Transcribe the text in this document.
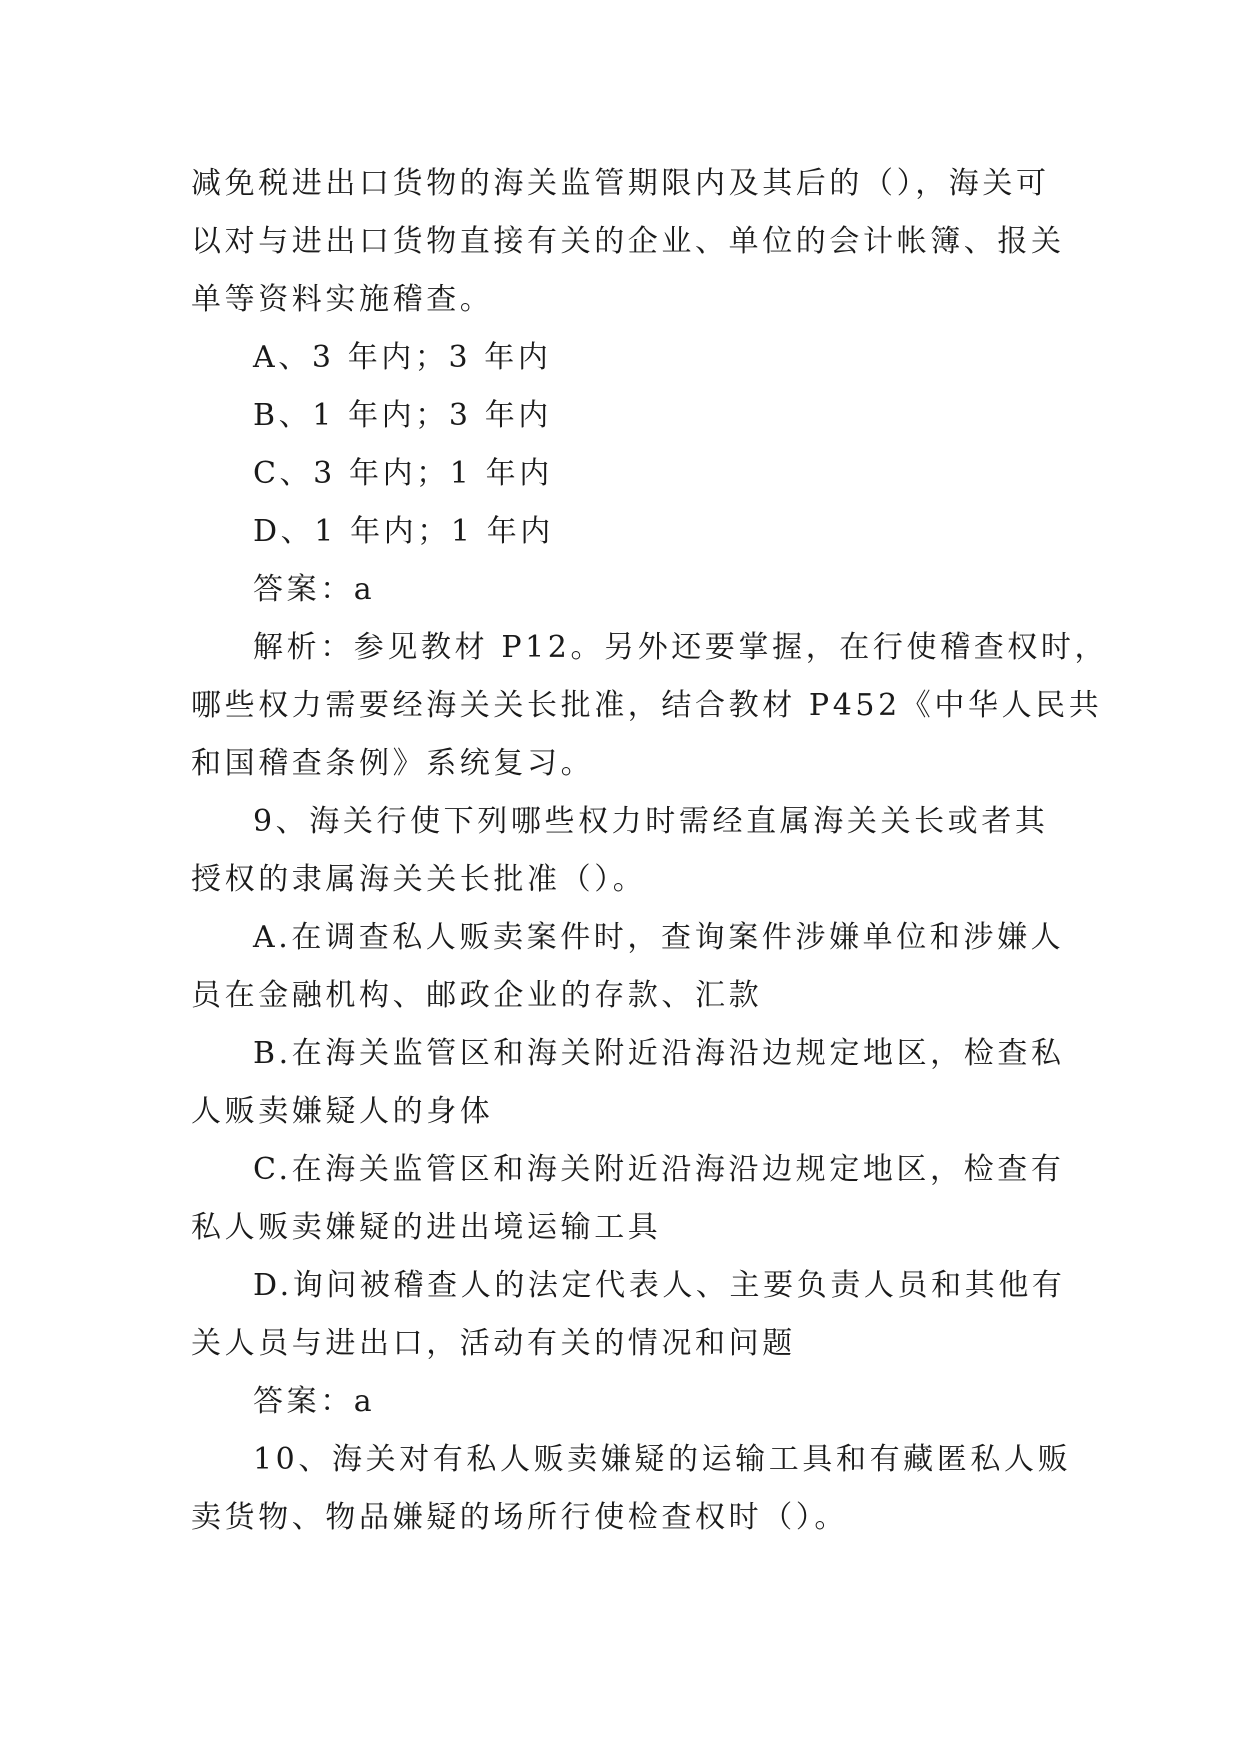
减免税进出口货物的海关监管期限内及其后的（），海关可
以对与进出口货物直接有关的企业、单位的会计帐簿、报关
单等资料实施稽查。
A、3 年内；3 年内
B、1 年内；3 年内
C、3 年内；1 年内
D、1 年内；1 年内
答案：a
解析：参见教材 P12。另外还要掌握，在行使稽查权时，
哪些权力需要经海关关长批准，结合教材 P452《中华人民共
和国稽查条例》系统复习。
9、海关行使下列哪些权力时需经直属海关关长或者其
授权的隶属海关关长批准（）。
A.在调查私人贩卖案件时，查询案件涉嫌单位和涉嫌人
员在金融机构、邮政企业的存款、汇款
B.在海关监管区和海关附近沿海沿边规定地区，检查私
人贩卖嫌疑人的身体
C.在海关监管区和海关附近沿海沿边规定地区，检查有
私人贩卖嫌疑的进出境运输工具
D.询问被稽查人的法定代表人、主要负责人员和其他有
关人员与进出口，活动有关的情况和问题
答案：a
10、海关对有私人贩卖嫌疑的运输工具和有藏匿私人贩
卖货物、物品嫌疑的场所行使检查权时（）。
